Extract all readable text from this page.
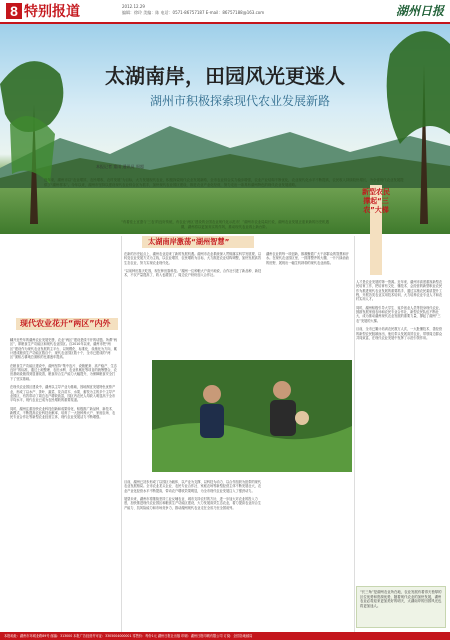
8 特别报道	2012.12.29
编辑：徐玲 美编：陈 电话：0571-86757187 E-mail：86757188@163.com	湖州日报
太湖南岸，田园风光更迷人
湖州市积极探索现代农业发展新路
本报记者 童雨 通讯员 周超
近年来，湖州市以“农业增效、农民增收、农村发展”为目标，大力发展现代农业，积极探索现代农业发展新路，全市农业综合实力稳步增强，农业产业结构不断优化，农业现代化水平不断提高，农民收入持续较快增长，为全省现代农业发展提供了“湖州样本”。今年以来，湖州市坚持以建设现代农业综合区为抓手，加快现代农业园区建设，推进农业产业化经营，努力走出一条具有湖州特色的现代农业发展道路。
“有着佳土宜蚕与‘三农’的良好传统，有农业‘两区’建设的全国农业现代化示范市！”湖州市农业局局长说，湖州农业发展正迎来新的历史机遇期，湖州将以更加务实的作风，推动现代农业再上新台阶。
现代农业花开“两区”内外
翻开近些年的湖州农业发展史册，农业“两区”建设是绕不开的话题。所谓“两区”，即粮食生产功能区和现代农业园区。自2010年以来，湖州市把“两区”建设作为现代农业发展的主平台，以规模化、标准化、设施化为方向，累计建成粮食生产功能区数百个，现代农业园区数十个，全市已建成的“两区”面积占耕地总面积的比重逐年提高。

在粮食生产功能区建设中，湖州坚持“集中连片、设施配套、高产稳产、生态良好”的标准，通过土地整理、农田水利、农业机械化等项目的统筹整合，农田基础设施得到显著改善，粮食综合生产能力大幅提升，为保障粮食安全打下了坚实基础。

在现代农业园区建设中，湖州以主导产业为基础，因地制宜发展特色优势产业，形成了以水产、茶叶、蔬菜、花卉苗木、水果、畜牧为主的多个主导产业园区，有效带动了周边农户增收致富，园区内农民人均收入明显高于全市平均水平，现代农业已成为农民增收的重要渠道。

同时，湖州注重加快农业科技创新和成果转化，积极推广新品种、新技术、新模式，不断提高农业科技贡献率，培育了一大批种养大户、家庭农场、农民专业合作社等新型农业经营主体，现代农业发展活力不断增强。
太湖南岸激荡“湖州智慧”
在新的历史起点上，湖州农业迎来了新的发展机遇。湖州市农业系统深入贯彻落实科学发展观，以转变农业发展方式为主线，以农业增效、农民增收为目标，大力推进农业结构调整，加快发展高效生态农业，努力实现农业现代化。

“以前种田靠天吃饭，现在种田靠科技。”湖州一位种粮大户高兴地说，合作社引进了新品种、新技术，不仅产量提高了，收入也增加了，周边农户纷纷加入合作社。
湖州农业的每一项创新，都凝聚着广大干部群众的智慧和汗水。在现代农业园区里，一排排整齐的大棚，一片片绿油油的田野，展现出一幅生机勃勃的现代农业画卷。
目前，湖州已初步形成了以园区为载体、以产业为支撑、以科技为动力、以合作组织为纽带的现代农业发展格局。全市农业龙头企业、农民专业合作社、家庭农场等新型经营主体不断发展壮大，农业产业化经营水平不断提高，带动农户增收效果明显，为全市现代农业发展注入了强劲动力。

展望未来，湖州市将继续坚持工业反哺农业、城市支持农村的方针，进一步加大对农业的投入力度，加快推进现代农业园区和粮食生产功能区建设，大力发展高效生态农业，着力提高农业综合生产能力、抗风险能力和市场竞争力，推动湖州现代农业走在全省乃至全国前列。
新型农民撑起“三农”大梯
人才是农业发展的第一资源。近年来，湖州市高度重视新型农民培育工作，把培育有文化、懂技术、会经营的新型职业农民作为推进现代农业发展的重要抓手，通过实施农民素质提升工程，开展各类农业实用技术培训，大力培养农业专业人才和农村实用人才。

同时，湖州积极引导大学生、返乡创业人员等投身现代农业，鼓励发展家庭农场和农民专业合作社，新型农民队伍不断壮大，成为推动湖州现代农业发展的重要力量，撑起了湖州“三农”发展的大梯。

目前，全市已累计培训农民数万人次，一大批懂技术、善经营的新型农民脱颖而出，他们带头发展高效农业，带领周边群众共同致富，在现代农业发展中发挥了示范引领作用。
“长三角”是湖州农业所在地，农业发展有着得天独厚的区位优势和资源优势，随着现代农业的加快发展，湖州农业必将迎来更加美好的明天，太湖南岸的田园风光也将更加迷人。
本报地址：湖州市环城北路89号 邮编：313000 本报广告经营许可证：3305004000001 零售价：每份1元 湖州日报社出版 印刷：湖州日报印刷有限公司 订阅：全国各地邮局
